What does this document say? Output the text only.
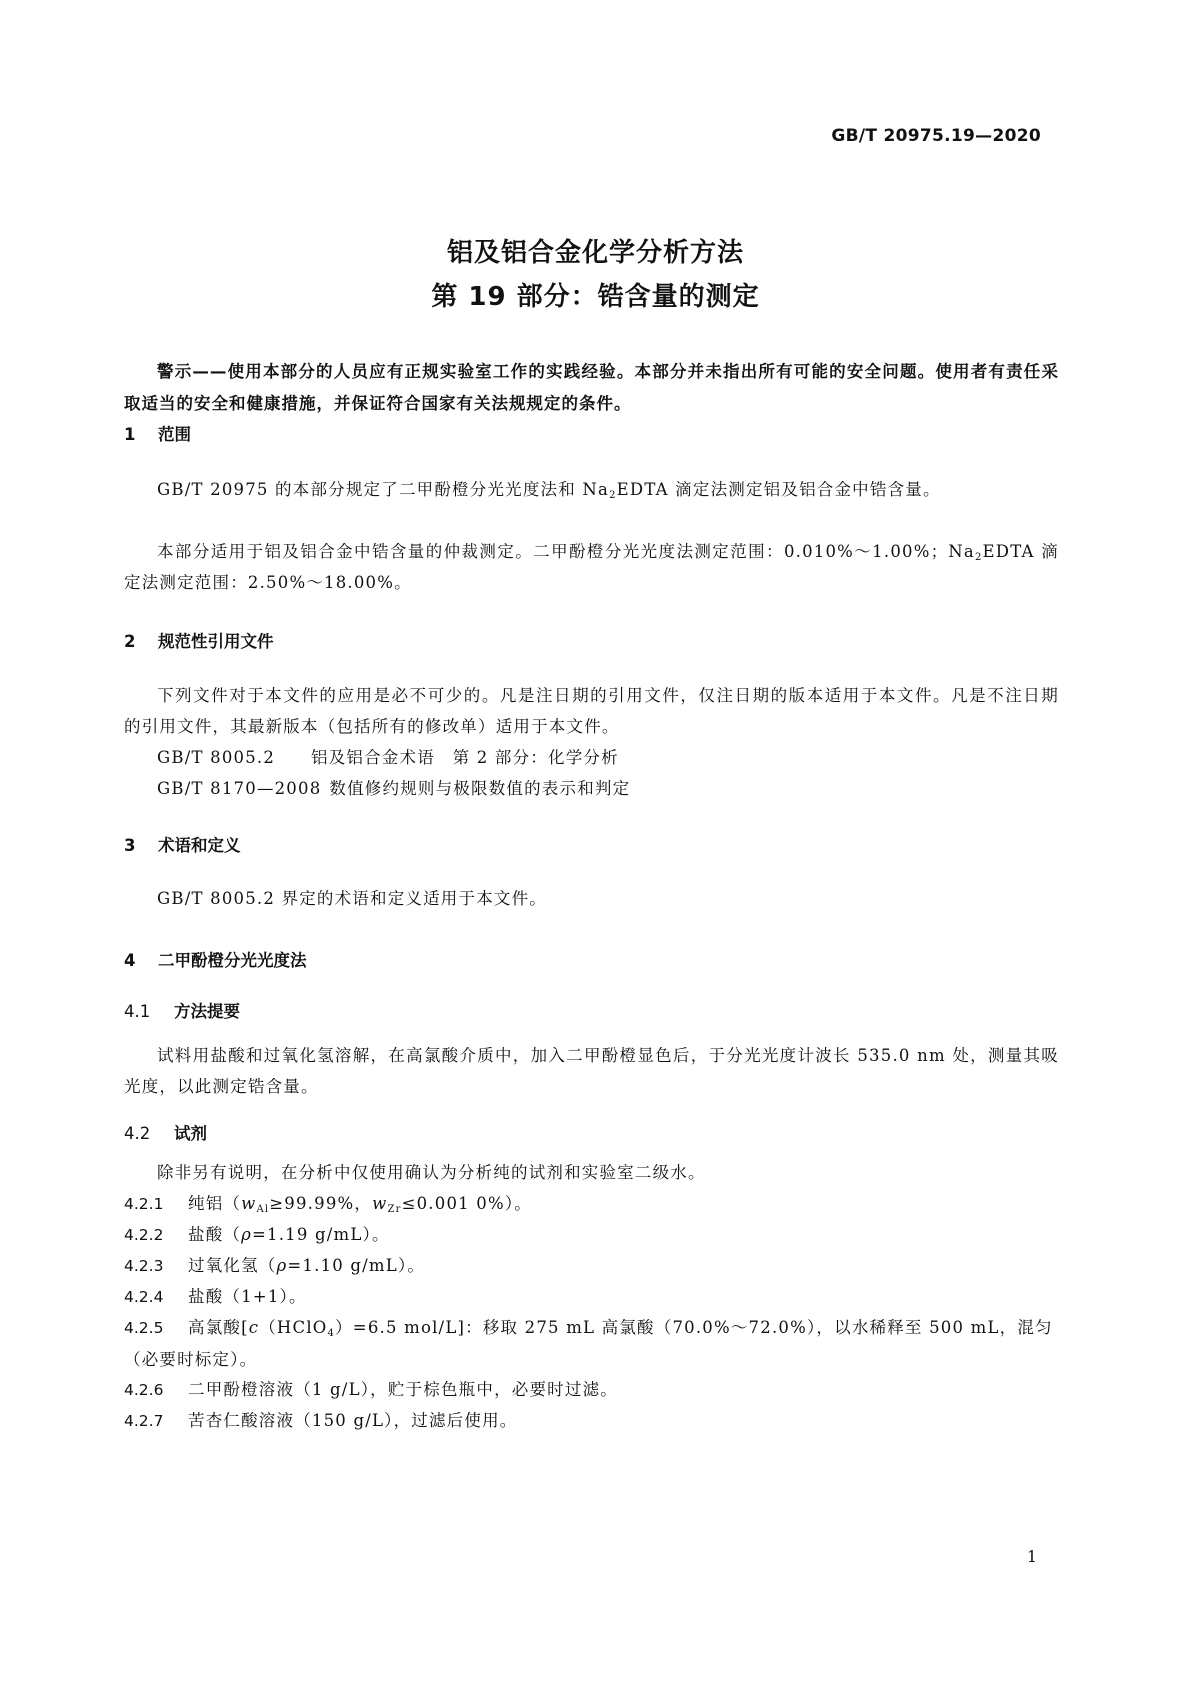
GB/T 20975.19—2020
铝及铝合金化学分析方法
第 19 部分：锆含量的测定
警示——使用本部分的人员应有正规实验室工作的实践经验。本部分并未指出所有可能的安全问题。使用者有责任采取适当的安全和健康措施，并保证符合国家有关法规规定的条件。
1 范围
GB/T 20975 的本部分规定了二甲酚橙分光光度法和 $Na_2EDTA$ 滴定法测定铝及铝合金中锆含量。
本部分适用于铝及铝合金中锆含量的仲裁测定。二甲酚橙分光光度法测定范围：0.010%～1.00%；$Na_2EDTA$ 滴定法测定范围：2.50%～18.00%。
2 规范性引用文件
下列文件对于本文件的应用是必不可少的。凡是注日期的引用文件，仅注日期的版本适用于本文件。凡是不注日期的引用文件，其最新版本（包括所有的修改单）适用于本文件。
GB/T 8005.2 铝及铝合金术语　第 2 部分：化学分析
GB/T 8170—2008 数值修约规则与极限数值的表示和判定
3 术语和定义
GB/T 8005.2 界定的术语和定义适用于本文件。
4 二甲酚橙分光光度法
4.1 方法提要
试料用盐酸和过氧化氢溶解，在高氯酸介质中，加入二甲酚橙显色后，于分光光度计波长 535.0 nm 处，测量其吸光度，以此测定锆含量。
4.2 试剂
除非另有说明，在分析中仅使用确认为分析纯的试剂和实验室二级水。
4.2.1 纯铝（$w_{Al}\ge 99.99\%$，$w_{Zr}\le 0.001$ 0%）。
4.2.2 盐酸（ρ=1.19 g/mL）。
4.2.3 过氧化氢（ρ=1.10 g/mL）。
4.2.4 盐酸（1+1）。
4.2.5 高氯酸[c（HClO$_4$）=6.5 mol/L]：移取 275 mL 高氯酸（70.0%～72.0%），以水稀释至 500 mL，混匀（必要时标定）。
4.2.6 二甲酚橙溶液（1 g/L），贮于棕色瓶中，必要时过滤。
4.2.7 苦杏仁酸溶液（150 g/L），过滤后使用。
1
